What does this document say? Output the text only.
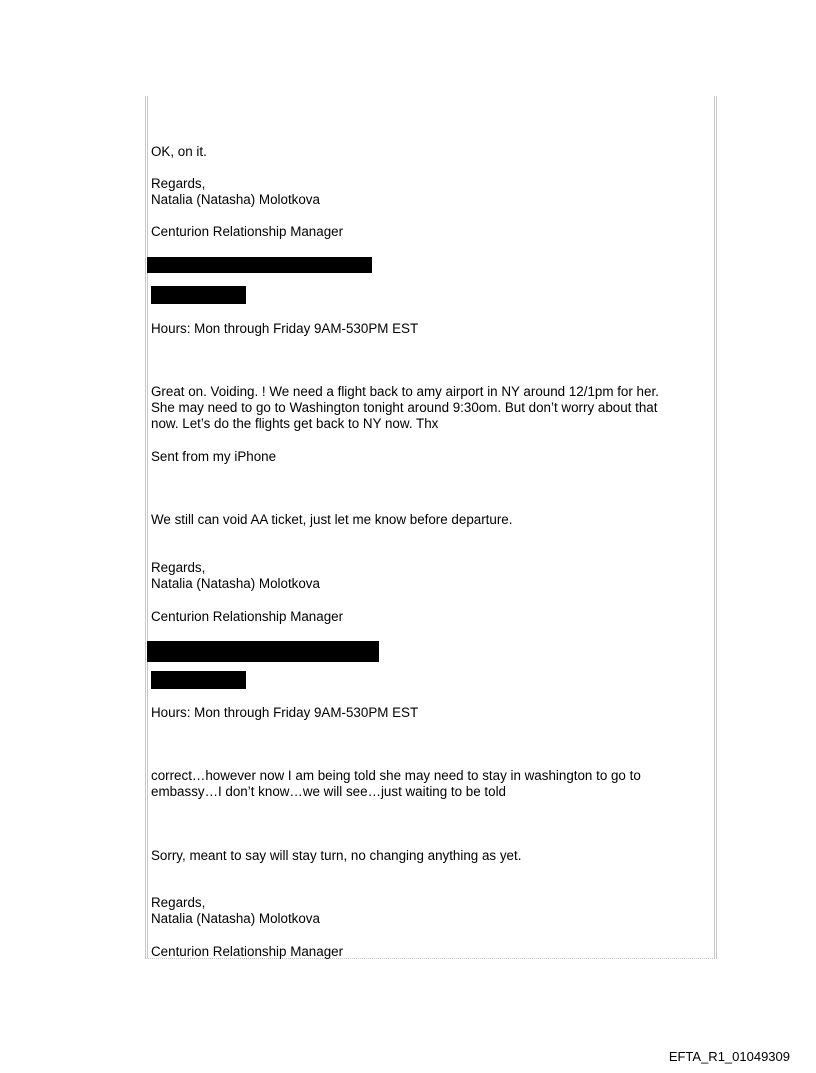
OK, on it.

Regards,

Natalia (Natasha) Molotkova

Centurion Relationship Manager

Hours: Mon through Friday 9AM-530PM EST

Great on. Voiding. ! We need a flight back to amy airport in NY around 12/1pm for her.

She may need to go to Washington tonight around 9:30om. But don’t worry about that

now. Let’s do the flights get back to NY now. Thx

Sent from my iPhone

We still can void AA ticket, just let me know before departure.

Regards,

Natalia (Natasha) Molotkova

Centurion Relationship Manager

Hours: Mon through Friday 9AM-530PM EST

correct…however now I am being told she may need to stay in washington to go to

embassy…I don’t know…we will see…just waiting to be told

Sorry, meant to say will stay turn, no changing anything as yet.

Regards,

Natalia (Natasha) Molotkova

Centurion Relationship Manager

EFTA_R1_01049309
